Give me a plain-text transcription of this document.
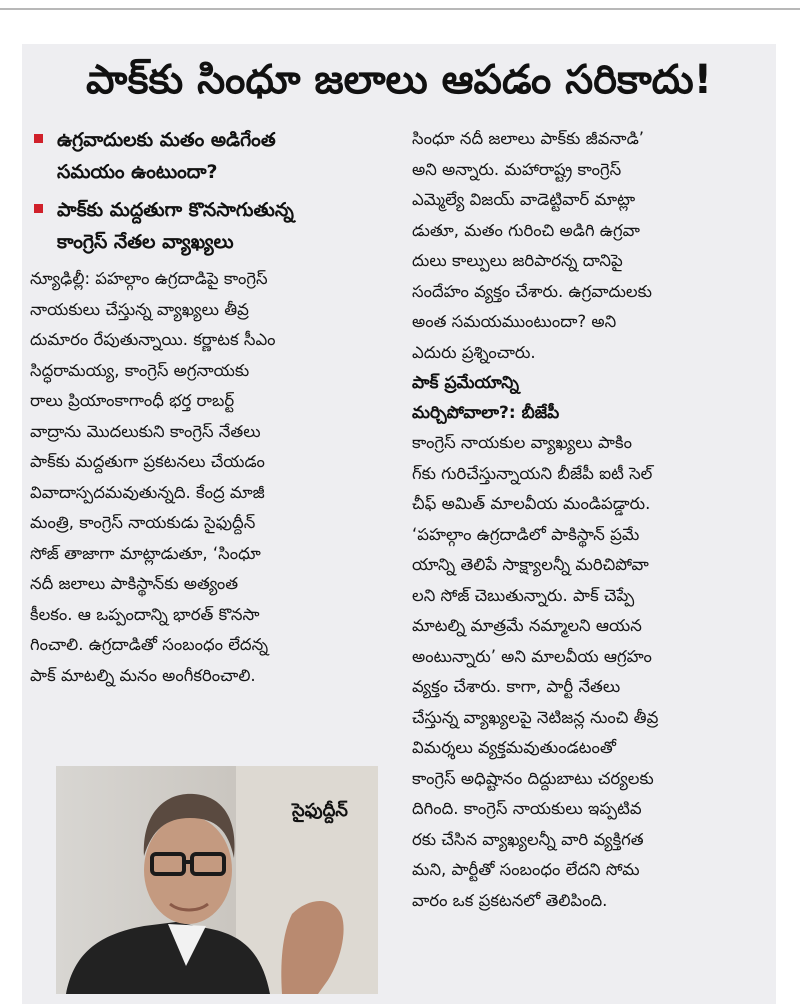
పాక్‌కు సింధూ జలాలు ఆపడం సరికాదు!
ఉగ్రవాదులకు మతం అడిగేంత
సమయం ఉంటుందా?
పాక్‌కు మద్దతుగా కొనసాగుతున్న
కాంగ్రెస్ నేతల వ్యాఖ్యలు

న్యూఢిల్లీ: పహల్గాం ఉగ్రదాడిపై కాంగ్రెస్

నాయకులు చేస్తున్న వ్యాఖ్యలు తీవ్ర

దుమారం రేపుతున్నాయి. కర్ణాటక సీఎం

సిద్ధరామయ్య, కాంగ్రెస్ అగ్రనాయకు

రాలు ప్రియాంకాగాంధీ భర్త రాబర్ట్

వాద్రాను మొదలుకుని కాంగ్రెస్ నేతలు

పాక్‌కు మద్దతుగా ప్రకటనలు చేయడం

వివాదాస్పదమవుతున్నది. కేంద్ర మాజీ

మంత్రి, కాంగ్రెస్ నాయకుడు సైఫుద్దీన్

సోజ్ తాజాగా మాట్లాడుతూ, ‘సింధూ

నదీ జలాలు పాకిస్థాన్‌కు అత్యంత

కీలకం. ఆ ఒప్పందాన్ని భారత్ కొనసా

గించాలి. ఉగ్రదాడితో సంబంధం లేదన్న

పాక్ మాటల్ని మనం అంగీకరించాలి.

సైఫుద్దీన్

సింధూ నదీ జలాలు పాక్‌కు జీవనాడి’

అని అన్నారు. మహారాష్ట్ర కాంగ్రెస్

ఎమ్మెల్యే విజయ్ వాడెట్టివార్ మాట్లా

డుతూ, మతం గురించి అడిగి ఉగ్రవా

దులు కాల్పులు జరిపారన్న దానిపై

సందేహం వ్యక్తం చేశారు. ఉగ్రవాదులకు

అంత సమయముంటుందా? అని

ఎదురు ప్రశ్నించారు.

పాక్ ప్రమేయాన్ని

మర్చిపోవాలా?: బీజేపీ

కాంగ్రెస్ నాయకుల వ్యాఖ్యలు పాకిం

గ్‌కు గురిచేస్తున్నాయని బీజేపీ ఐటీ సెల్

చీఫ్ అమిత్ మాలవీయ మండిపడ్డారు.

‘పహల్గాం ఉగ్రదాడిలో పాకిస్థాన్ ప్రమే

యాన్ని తెలిపే సాక్ష్యాలన్నీ మరిచిపోవా

లని సోజ్ చెబుతున్నారు. పాక్ చెప్పే

మాటల్ని మాత్రమే నమ్మాలని ఆయన

అంటున్నారు’ అని మాలవీయ ఆగ్రహం

వ్యక్తం చేశారు. కాగా, పార్టీ నేతలు

చేస్తున్న వ్యాఖ్యలపై నెటిజన్ల నుంచి తీవ్ర

విమర్శలు వ్యక్తమవుతుండటంతో

కాంగ్రెస్ అధిష్టానం దిద్దుబాటు చర్యలకు

దిగింది. కాంగ్రెస్ నాయకులు ఇప్పటివ

రకు చేసిన వ్యాఖ్యలన్నీ వారి వ్యక్తిగత

మని, పార్టీతో సంబంధం లేదని సోమ

వారం ఒక ప్రకటనలో తెలిపింది.
